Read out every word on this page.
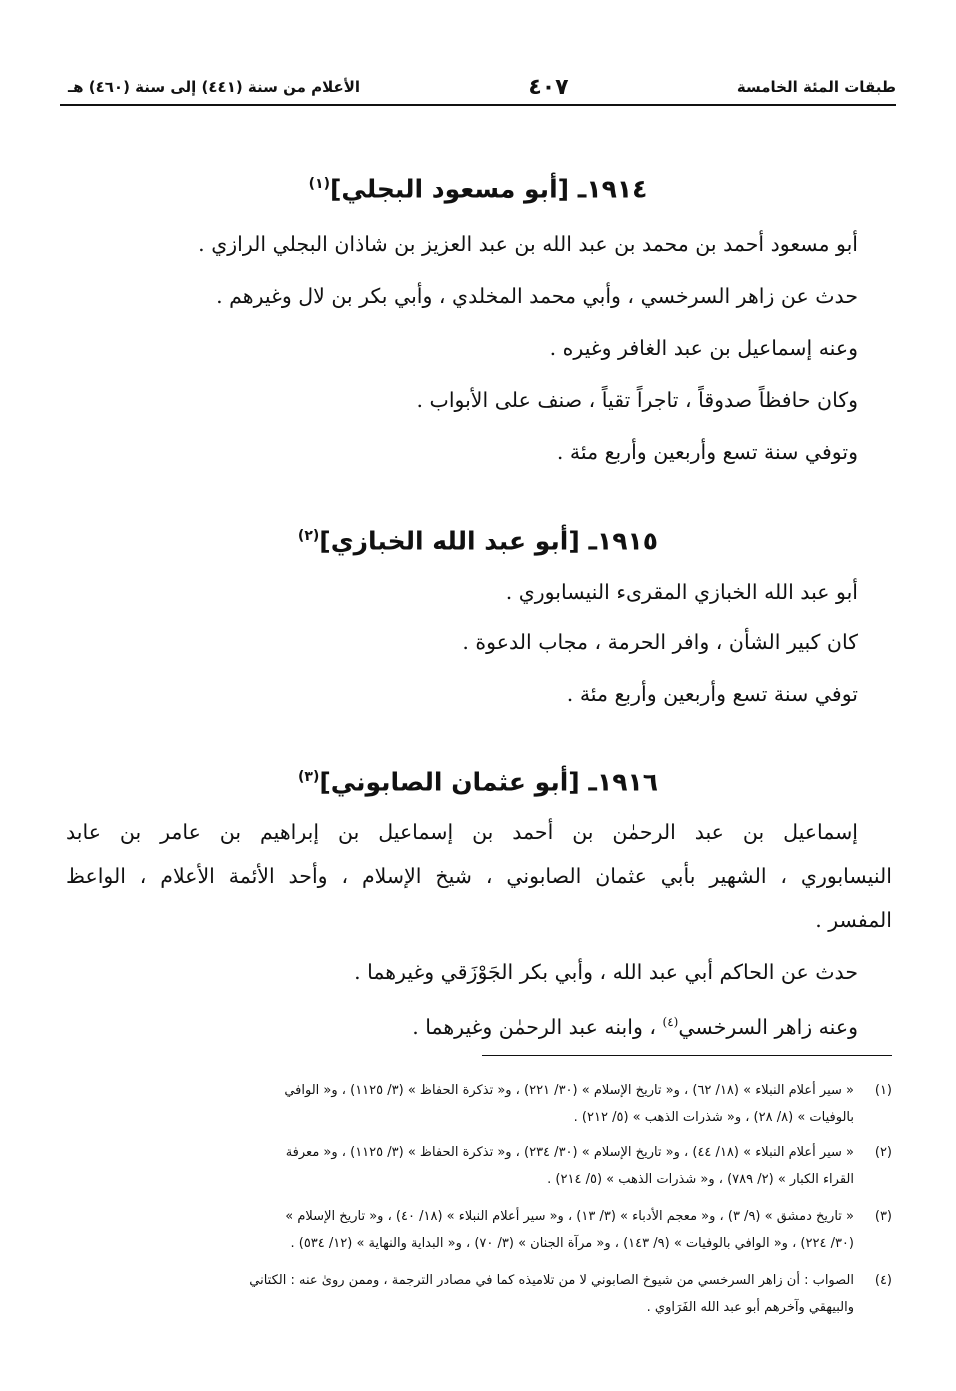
طبقات المئة الخامسة
٤٠٧
الأعلام من سنة (٤٤١) إلى سنة (٤٦٠) هـ
١٩١٤ـ [أبو مسعود البجلي]$^{(١)}$
أبو مسعود أحمد بن محمد بن عبد الله بن عبد العزيز بن شاذان البجلي الرازي .
حدث عن زاهر السرخسي ، وأبي محمد المخلدي ، وأبي بكر بن لال وغيرهم .
وعنه إسماعيل بن عبد الغافر وغيره .
وكان حافظاً صدوقاً ، تاجراً تقياً ، صنف على الأبواب .
وتوفي سنة تسع وأربعين وأربع مئة .
١٩١٥ـ [أبو عبد الله الخبازي]$^{(٢)}$
أبو عبد الله الخبازي المقرىء النيسابوري .
كان كبير الشأن ، وافر الحرمة ، مجاب الدعوة .
توفي سنة تسع وأربعين وأربع مئة .
١٩١٦ـ [أبو عثمان الصابوني]$^{(٣)}$
إسماعيل بن عبد الرحمٰن بن أحمد بن إسماعيل بن إبراهيم بن عامر بن عابد
النيسابوري ، الشهير بأبي عثمان الصابوني ، شيخ الإسلام ، وأحد الأئمة الأعلام ، الواعظ
المفسر .
حدث عن الحاكم أبي عبد الله ، وأبي بكر الجَوْزَقي وغيرهما .
وعنه زاهر السرخسي$^{(٤)}$ ، وابنه عبد الرحمٰن وغيرهما .
(١)
« سير أعلام النبلاء » (١٨/ ٦٢) ، و« تاريخ الإسلام » (٣٠/ ٢٢١) ، و« تذكرة الحفاظ » (٣/ ١١٢٥) ، و« الوافي
بالوفيات » (٨/ ٢٨) ، و« شذرات الذهب » (٥/ ٢١٢) .
(٢)
« سير أعلام النبلاء » (١٨/ ٤٤) ، و« تاريخ الإسلام » (٣٠/ ٢٣٤) ، و« تذكرة الحفاظ » (٣/ ١١٢٥) ، و« معرفة
القراء الكبار » (٢/ ٧٨٩) ، و« شذرات الذهب » (٥/ ٢١٤) .
(٣)
« تاريخ دمشق » (٩/ ٣) ، و« معجم الأدباء » (٣/ ١٣) ، و« سير أعلام النبلاء » (١٨/ ٤٠) ، و« تاريخ الإسلام »
(٣٠/ ٢٢٤) ، و« الوافي بالوفيات » (٩/ ١٤٣) ، و« مرآة الجنان » (٣/ ٧٠) ، و« البداية والنهاية » (١٢/ ٥٣٤) .
(٤)
الصواب : أن زاهر السرخسي من شيوخ الصابوني لا من تلاميذه كما في مصادر الترجمة ، وممن روىٰ عنه : الكتاني
والبيهقي وآخرهم أبو عبد الله الفَرَاوي .
